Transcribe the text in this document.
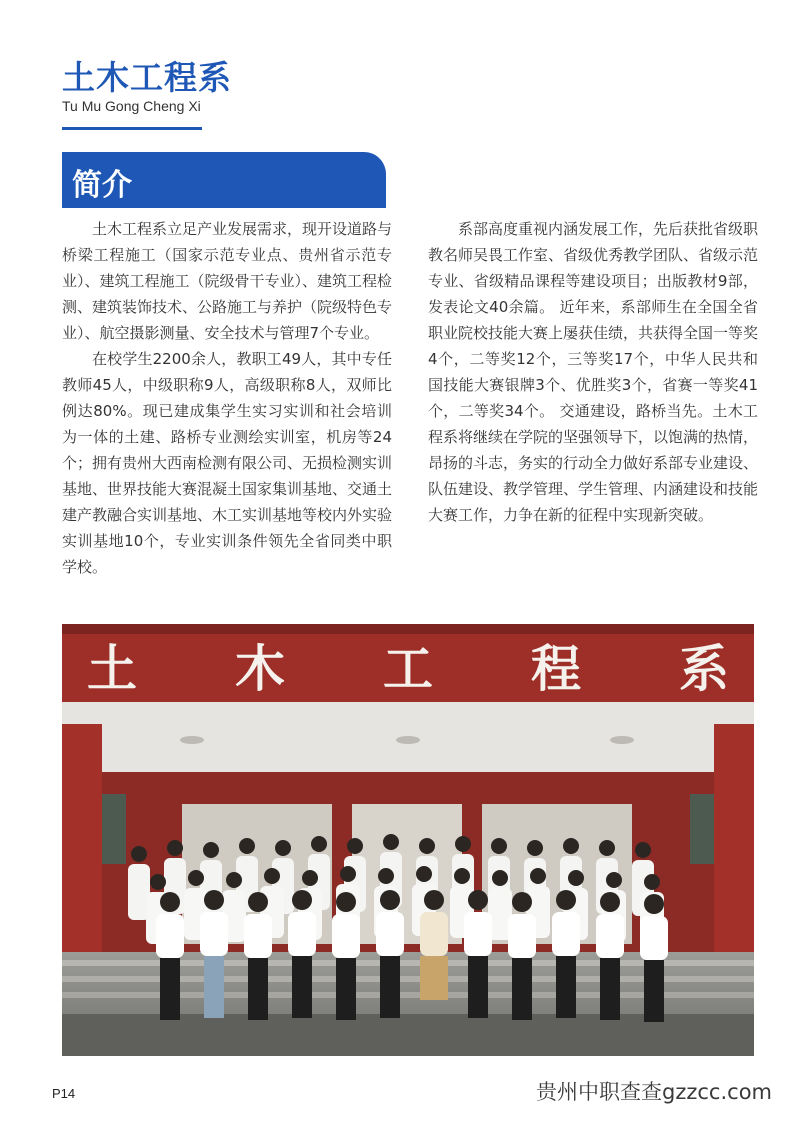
土木工程系
Tu Mu Gong Cheng Xi
简介

土木工程系立足产业发展需求，现开设道路与桥梁工程施工（国家示范专业点、贵州省示范专业）、建筑工程施工（院级骨干专业）、建筑工程检测、建筑装饰技术、公路施工与养护（院级特色专业）、航空摄影测量、安全技术与管理7个专业。

在校学生2200余人，教职工49人，其中专任教师45人，中级职称9人，高级职称8人，双师比例达80%。现已建成集学生实习实训和社会培训为一体的土建、路桥专业测绘实训室，机房等24个；拥有贵州大西南检测有限公司、无损检测实训基地、世界技能大赛混凝土国家集训基地、交通土建产教融合实训基地、木工实训基地等校内外实验实训基地10个，专业实训条件领先全省同类中职学校。

系部高度重视内涵发展工作，先后获批省级职教名师吴畏工作室、省级优秀教学团队、省级示范专业、省级精品课程等建设项目；出版教材9部，发表论文40余篇。 近年来，系部师生在全国全省职业院校技能大赛上屡获佳绩，共获得全国一等奖4个，二等奖12个，三等奖17个，中华人民共和国技能大赛银牌3个、优胜奖3个，省赛一等奖41个，二等奖34个。 交通建设，路桥当先。土木工程系将继续在学院的坚强领导下，以饱满的热情，昂扬的斗志，务实的行动全力做好系部专业建设、队伍建设、教学管理、学生管理、内涵建设和技能大赛工作，力争在新的征程中实现新突破。

土 木 工 程 系
P14	贵州中职查查gzzcc.com
